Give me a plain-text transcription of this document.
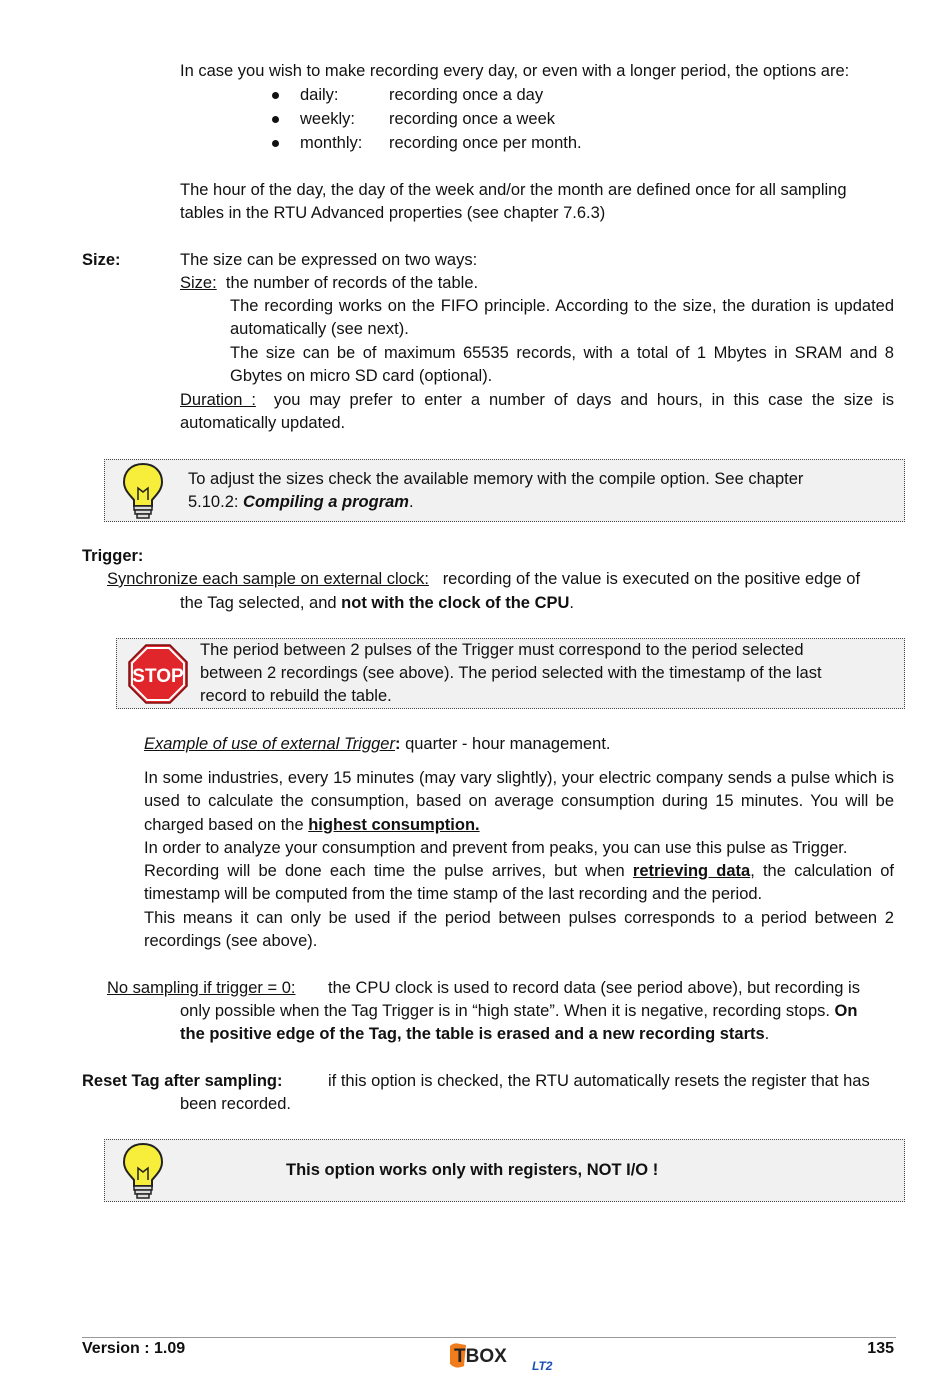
In case you wish to make recording every day, or even with a longer period, the options are:
daily:	recording once a day
weekly: recording once a week
monthly: recording once per month.
The hour of the day, the day of the week and/or the month are defined once for all sampling
tables in the RTU Advanced properties (see chapter 7.6.3)
Size:	The size can be expressed on two ways:
Size: the number of records of the table.
The recording works on the FIFO principle. According to the size, the duration is updated automatically (see next).
The size can be of maximum 65535 records, with a total of 1 Mbytes in SRAM and 8 Gbytes on micro SD card (optional).
Duration : you may prefer to enter a number of days and hours, in this case the size is automatically updated.
To adjust the sizes check the available memory with the compile option. See chapter
5.10.2: Compiling a program.
Trigger:
Synchronize each sample on external clock: recording of the value is executed on the positive edge of
the Tag selected, and not with the clock of the CPU.
STOP
The period between 2 pulses of the Trigger must correspond to the period selected
between 2 recordings (see above). The period selected with the timestamp of the last
record to rebuild the table.
Example of use of external Trigger: quarter - hour management.
In some industries, every 15 minutes (may vary slightly), your electric company sends a pulse which is used to calculate the consumption, based on average consumption during 15 minutes. You will be charged based on the highest consumption.
In order to analyze your consumption and prevent from peaks, you can use this pulse as Trigger.
Recording will be done each time the pulse arrives, but when retrieving data, the calculation of timestamp will be computed from the time stamp of the last recording and the period.
This means it can only be used if the period between pulses corresponds to a period between 2 recordings (see above).
No sampling if trigger = 0: the CPU clock is used to record data (see period above), but recording is
only possible when the Tag Trigger is in “high state”. When it is negative, recording stops. On
the positive edge of the Tag, the table is erased and a new recording starts.
Reset Tag after sampling:	if this option is checked, the RTU automatically resets the register that has
been recorded.
This option works only with registers, NOT I/O !
Version : 1.09	TBOX LT2
135
